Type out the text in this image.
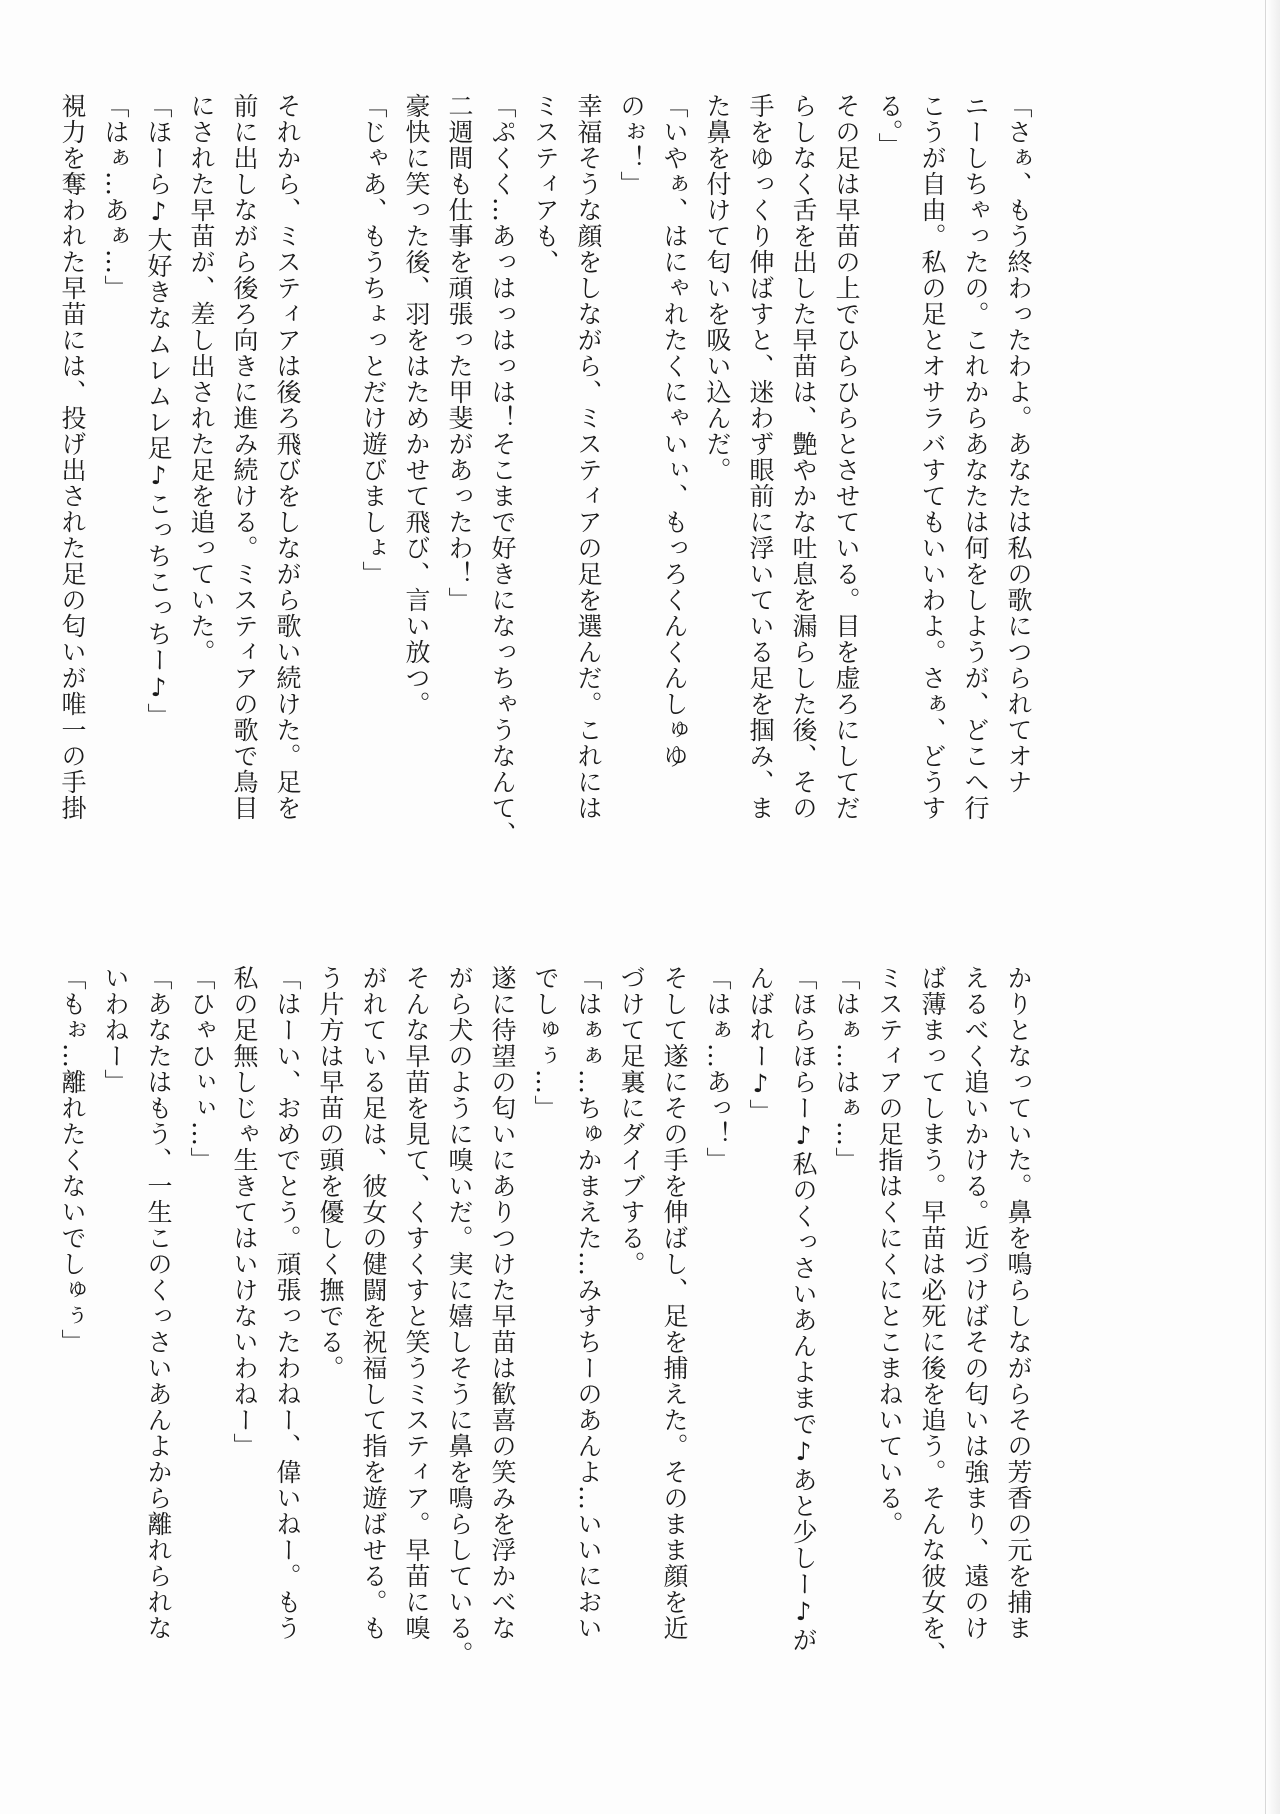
「さぁ、もう終わったわよ。あなたは私の歌につられてオナ
ニーしちゃったの。これからあなたは何をしようが、どこへ行
こうが自由。私の足とオサラバすてもいいわよ。さぁ、どうす
る。」
その足は早苗の上でひらひらとさせている。目を虚ろにしてだ
らしなく舌を出した早苗は、艶やかな吐息を漏らした後、その
手をゆっくり伸ばすと、迷わず眼前に浮いている足を掴み、ま
た鼻を付けて匂いを吸い込んだ。
「いやぁ、はにゃれたくにゃいぃ、もっろくんくんしゅゆ
のぉ！」
幸福そうな顔をしながら、ミスティアの足を選んだ。これには
ミスティアも、
「ぷくく…あっはっはっは！そこまで好きになっちゃうなんて、
二週間も仕事を頑張った甲斐があったわ！」
豪快に笑った後、羽をはためかせて飛び、言い放つ。
「じゃあ、もうちょっとだけ遊びましょ」

それから、ミスティアは後ろ飛びをしながら歌い続けた。足を
前に出しながら後ろ向きに進み続ける。ミスティアの歌で鳥目
にされた早苗が、差し出された足を追っていた。
「ほーら♪大好きなムレムレ足♪こっちこっちー♪」
「はぁ…あぁ…」
視力を奪われた早苗には、投げ出された足の匂いが唯一の手掛
かりとなっていた。鼻を鳴らしながらその芳香の元を捕ま
えるべく追いかける。近づけばその匂いは強まり、遠のけ
ば薄まってしまう。早苗は必死に後を追う。そんな彼女を、
ミスティアの足指はくにくにとこまねいている。
「はぁ…はぁ…」
「ほらほらー♪私のくっさいあんよまで♪あと少しー♪が
んばれー♪」
「はぁ…あっ！」
そして遂にその手を伸ばし、足を捕えた。そのまま顔を近
づけて足裏にダイブする。
「はぁぁ…ちゅかまえた…みすちーのあんよ…いいにおい
でしゅぅ…」
遂に待望の匂いにありつけた早苗は歓喜の笑みを浮かべな
がら犬のように嗅いだ。実に嬉しそうに鼻を鳴らしている。
そんな早苗を見て、くすくすと笑うミスティア。早苗に嗅
がれている足は、彼女の健闘を祝福して指を遊ばせる。も
う片方は早苗の頭を優しく撫でる。
「はーい、おめでとう。頑張ったわねー、偉いねー。もう
私の足無しじゃ生きてはいけないわねー」
「ひゃひぃぃ…」
「あなたはもう、一生このくっさいあんよから離れられな
いわねー」
「もぉ…離れたくないでしゅぅ」
